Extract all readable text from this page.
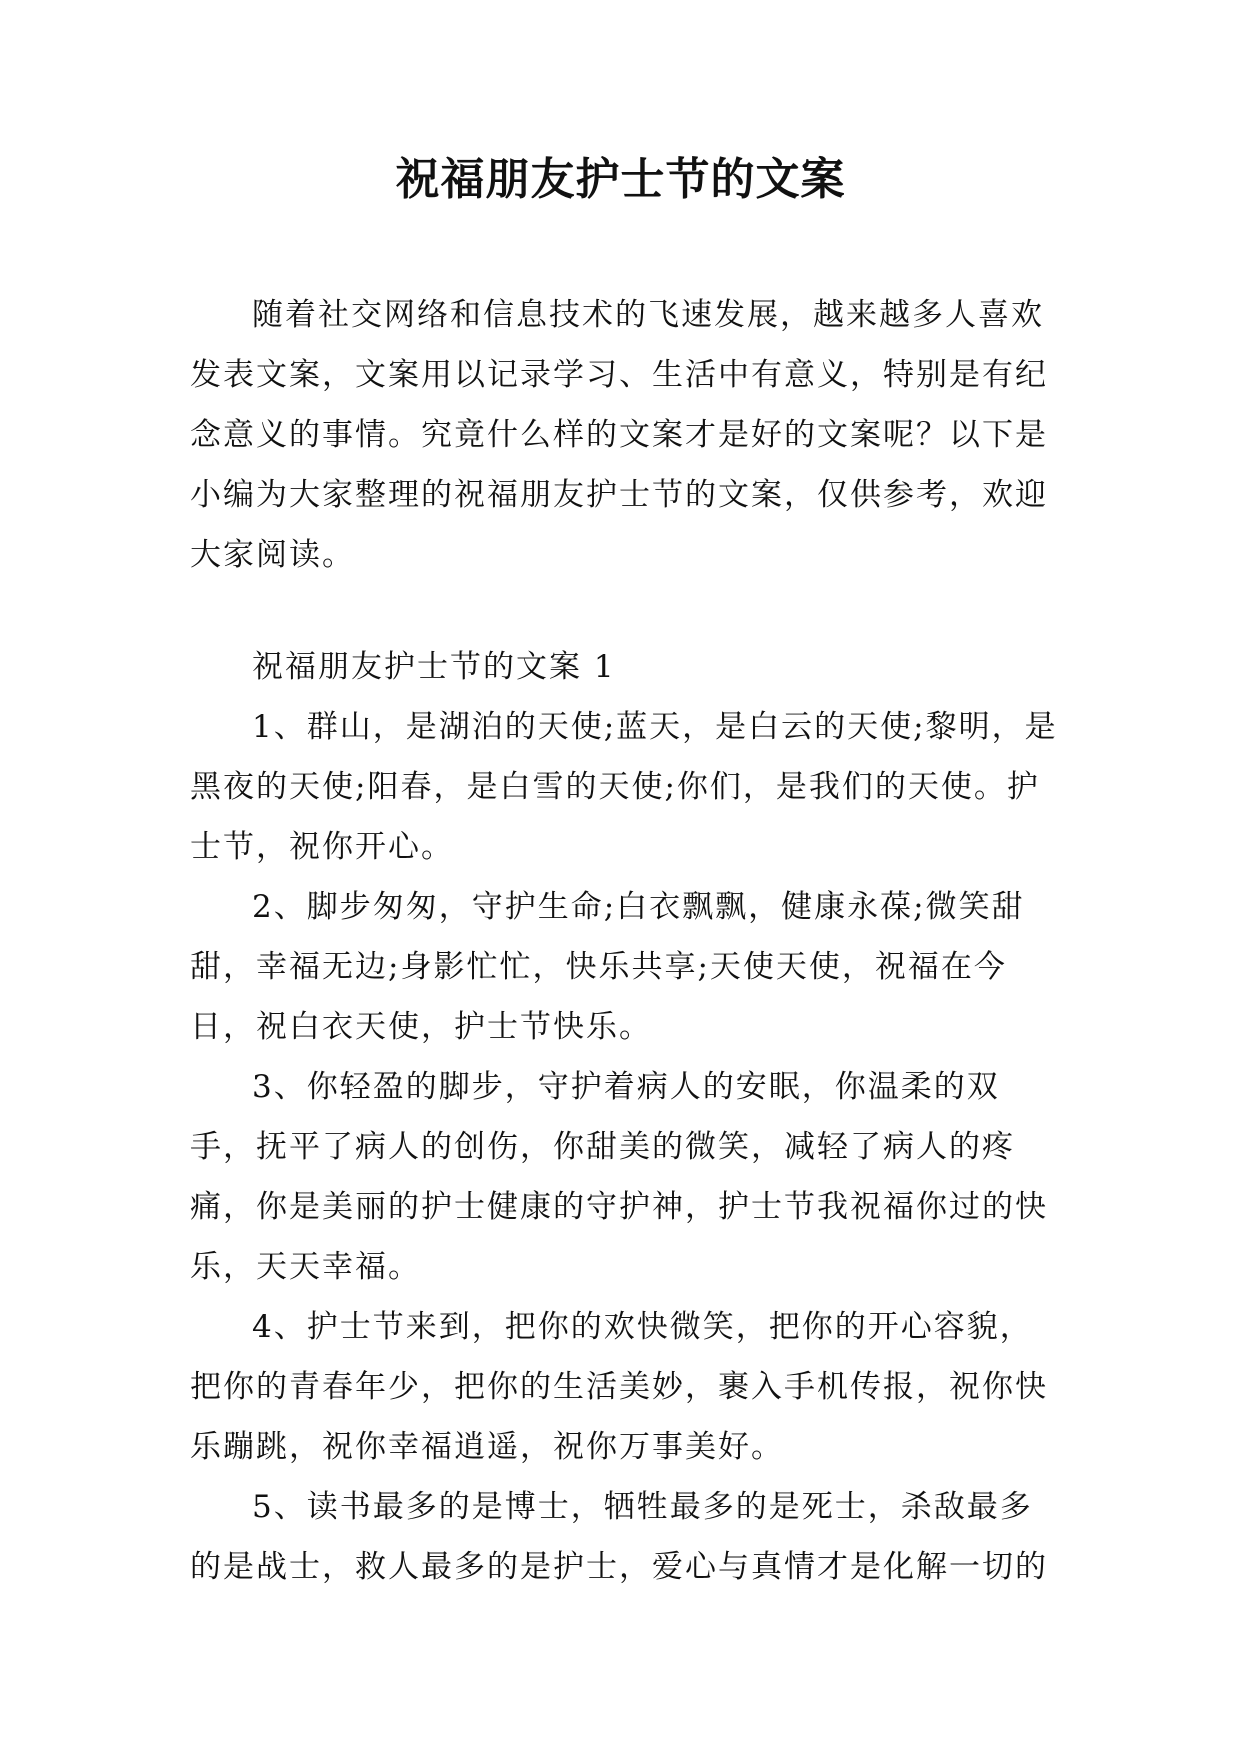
祝福朋友护士节的文案

随着社交网络和信息技术的飞速发展，越来越多人喜欢发表文案，文案用以记录学习、生活中有意义，特别是有纪念意义的事情。究竟什么样的文案才是好的文案呢？以下是小编为大家整理的祝福朋友护士节的文案，仅供参考，欢迎大家阅读。

祝福朋友护士节的文案 1

1、群山，是湖泊的天使;蓝天，是白云的天使;黎明，是黑夜的天使;阳春，是白雪的天使;你们，是我们的天使。护士节，祝你开心。

2、脚步匆匆，守护生命;白衣飘飘，健康永葆;微笑甜甜，幸福无边;身影忙忙，快乐共享;天使天使，祝福在今日，祝白衣天使，护士节快乐。

3、你轻盈的脚步，守护着病人的安眠，你温柔的双手，抚平了病人的创伤，你甜美的微笑，减轻了病人的疼痛，你是美丽的护士健康的守护神，护士节我祝福你过的快乐，天天幸福。

4、护士节来到，把你的欢快微笑，把你的开心容貌，把你的青春年少，把你的生活美妙，裹入手机传报，祝你快乐蹦跳，祝你幸福逍遥，祝你万事美好。

5、读书最多的是博士，牺牲最多的是死士，杀敌最多的是战士，救人最多的是护士，爱心与真情才是化解一切的
